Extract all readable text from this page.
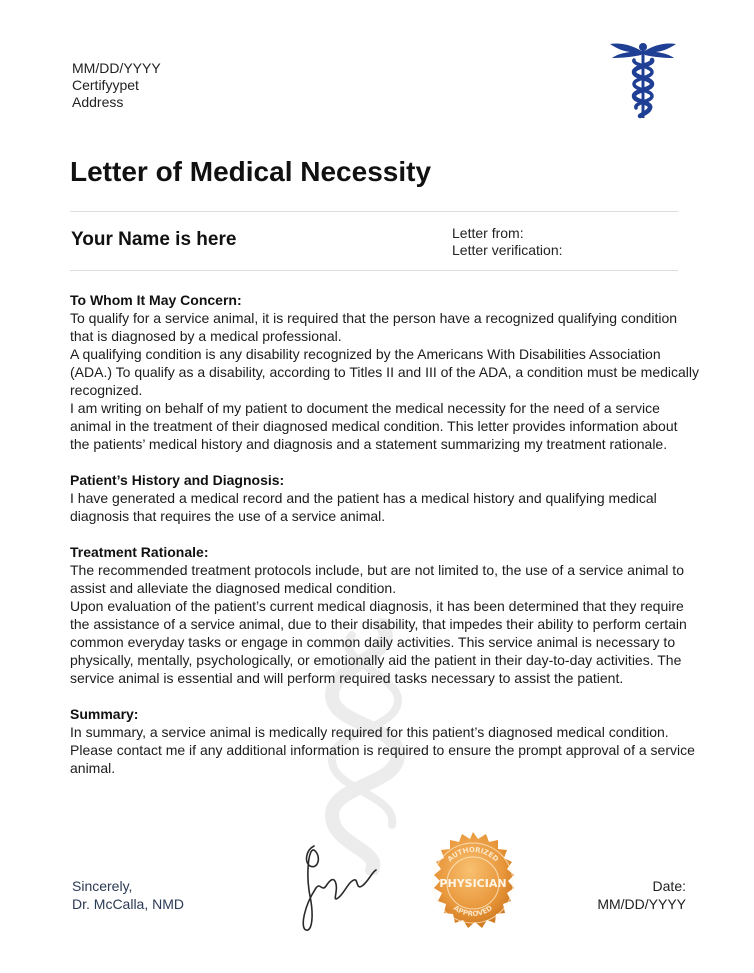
MM/DD/YYYY
Certifyypet
Address
Letter of Medical Necessity
Your Name is here	Letter from:
Letter verification:
To Whom It May Concern:

To qualify for a service animal, it is required that the person have a recognized qualifying condition that is diagnosed by a medical professional.

A qualifying condition is any disability recognized by the Americans With Disabilities Association (ADA.) To qualify as a disability, according to Titles II and III of the ADA, a condition must be medically recognized.

I am writing on behalf of my patient to document the medical necessity for the need of a service animal in the treatment of their diagnosed medical condition. This letter provides information about the patients’ medical history and diagnosis and a statement summarizing my treatment rationale.

Patient’s History and Diagnosis:

I have generated a medical record and the patient has a medical history and qualifying medical diagnosis that requires the use of a service animal.

Treatment Rationale:

The recommended treatment protocols include, but are not limited to, the use of a service animal to assist and alleviate the diagnosed medical condition.

Upon evaluation of the patient’s current medical diagnosis, it has been determined that they require the assistance of a service animal, due to their disability, that impedes their ability to perform certain common everyday tasks or engage in common daily activities. This service animal is necessary to physically, mentally, psychologically, or emotionally aid the patient in their day-to-day activities. The service animal is essential and will perform required tasks necessary to assist the patient.

Summary:

In summary, a service animal is medically required for this patient’s diagnosed medical condition. Please contact me if any additional information is required to ensure the prompt approval of a service animal.

Sincerely,
Dr. McCalla, NMD
AUTHORIZED
PHYSICIAN
APPROVED
Date:
MM/DD/YYYY
